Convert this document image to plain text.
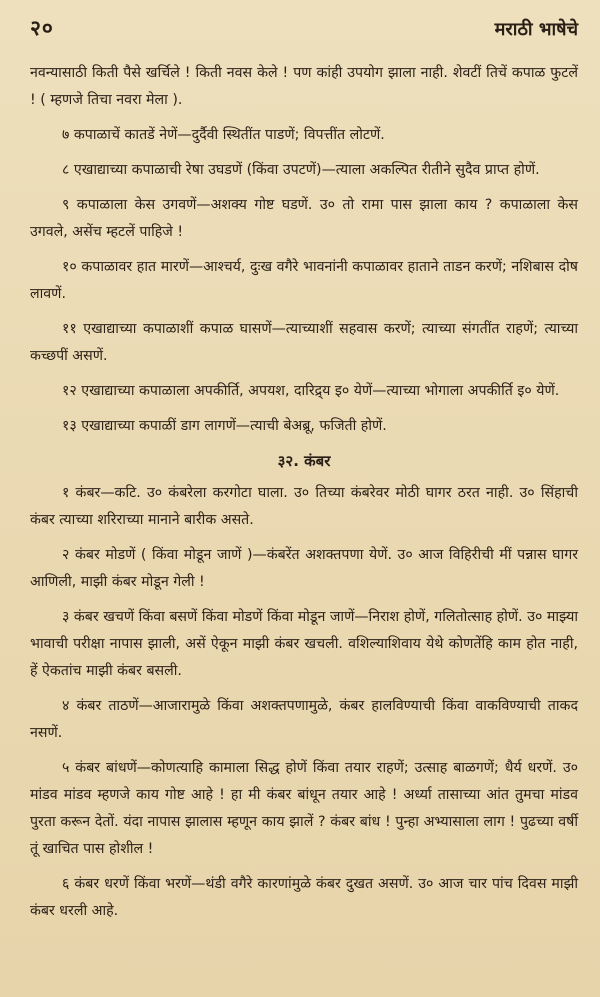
२०	मराठी भाषेचे

नवन्यासाठी किती पैसे खर्चिले ! किती नवस केले ! पण कांही उपयोग झाला नाही. शेवटीं तिचें कपाळ फुटलें ! ( म्हणजे तिचा नवरा मेला ).

७ कपाळाचें कातडें नेणें—दुर्दैवी स्थितींत पाडणें; विपत्तींत लोटणें.

८ एखाद्याच्या कपाळाची रेषा उघडणें (किंवा उपटणें)—त्याला अकल्पित रीतीने सुदैव प्राप्त होणें.

९ कपाळाला केस उगवणें—अशक्य गोष्ट घडणें. उ० तो रामा पास झाला काय ? कपाळाला केस उगवले, असेंच म्हटलें पाहिजे !

१० कपाळावर हात मारणें—आश्चर्य, दुःख वगैरे भावनांनी कपाळावर हाताने ताडन करणें; नशिबास दोष लावणें.

११ एखाद्याच्या कपाळाशीं कपाळ घासणें—त्याच्याशीं सहवास करणें; त्याच्या संगतींत राहणें; त्याच्या कच्छपीं असणें.

१२ एखाद्याच्या कपाळाला अपकीर्ति, अपयश, दारिद्र्य इ० येणें—त्याच्या भोगाला अपकीर्ति इ० येणें.

१३ एखाद्याच्या कपाळीं डाग लागणें—त्याची बेअब्रू, फजिती होणें.

३२. कंबर

१ कंबर—कटि. उ० कंबरेला करगोटा घाला. उ० तिच्या कंबरेवर मोठी घागर ठरत नाही. उ० सिंहाची कंबर त्याच्या शरिराच्या मानाने बारीक असते.

२ कंबर मोडणें ( किंवा मोडून जाणें )—कंबरेंत अशक्तपणा येणें. उ० आज विहिरीची मीं पन्नास घागर आणिली, माझी कंबर मोडून गेली !

३ कंबर खचणें किंवा बसणें किंवा मोडणें किंवा मोडून जाणें—निराश होणें, गलितोत्साह होणें. उ० माझ्या भावाची परीक्षा नापास झाली, असें ऐकून माझी कंबर खचली. वशिल्याशिवाय येथे कोणतेंहि काम होत नाही, हें ऐकतांच माझी कंबर बसली.

४ कंबर ताठणें—आजारामुळे किंवा अशक्तपणामुळे, कंबर हालविण्याची किंवा वाकविण्याची ताकद नसणें.

५ कंबर बांधणें—कोणत्याहि कामाला सिद्ध होणें किंवा तयार राहणें; उत्साह बाळगणें; धैर्य धरणें. उ० मांडव मांडव म्हणजे काय गोष्ट आहे ! हा मी कंबर बांधून तयार आहे ! अर्ध्या तासाच्या आंत तुमचा मांडव पुरता करून देतों. यंदा नापास झालास म्हणून काय झालें ? कंबर बांध ! पुन्हा अभ्यासाला लाग ! पुढच्या वर्षी तूं खाचित पास होशील !

६ कंबर धरणें किंवा भरणें—थंडी वगैरे कारणांमुळे कंबर दुखत असणें. उ० आज चार पांच दिवस माझी कंबर धरली आहे.
